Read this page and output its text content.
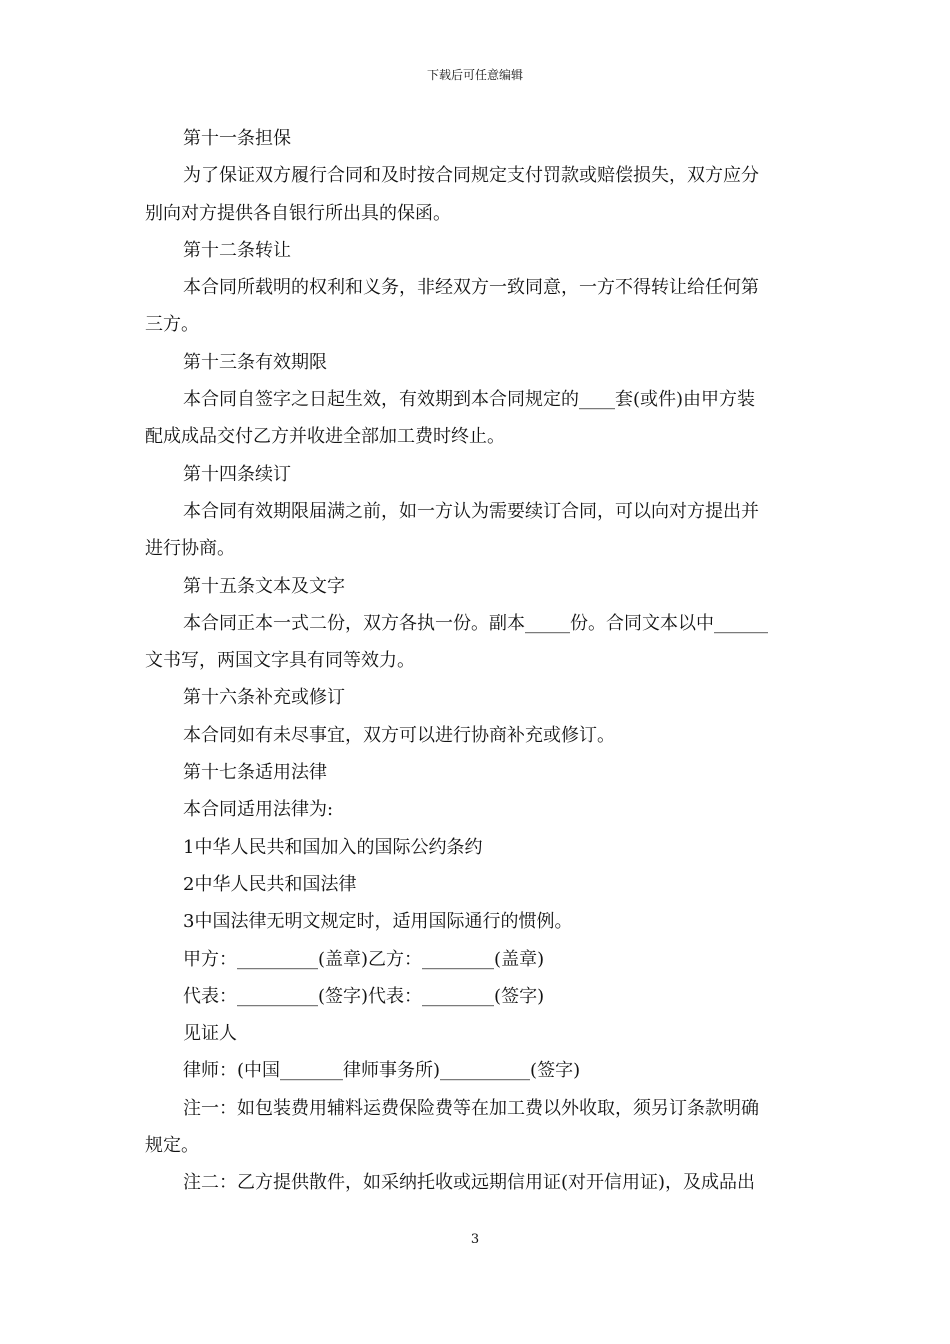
下载后可任意编辑
第十一条担保
为了保证双方履行合同和及时按合同规定支付罚款或赔偿损失，双方应分
别向对方提供各自银行所出具的保函。
第十二条转让
本合同所载明的权利和义务，非经双方一致同意，一方不得转让给任何第
三方。
第十三条有效期限
本合同自签字之日起生效，有效期到本合同规定的____套(或件)由甲方装
配成成品交付乙方并收进全部加工费时终止。
第十四条续订
本合同有效期限届满之前，如一方认为需要续订合同，可以向对方提出并
进行协商。
第十五条文本及文字
本合同正本一式二份，双方各执一份。副本_____份。合同文本以中______
文书写，两国文字具有同等效力。
第十六条补充或修订
本合同如有未尽事宜，双方可以进行协商补充或修订。
第十七条适用法律
本合同适用法律为:
1中华人民共和国加入的国际公约条约
2中华人民共和国法律
3中国法律无明文规定时，适用国际通行的惯例。
甲方：_________(盖章)乙方：________(盖章)
代表：_________(签字)代表：________(签字)
见证人
律师：(中国_______律师事务所)__________(签字)
注一：如包装费用辅料运费保险费等在加工费以外收取，须另订条款明确
规定。
注二：乙方提供散件，如采纳托收或远期信用证(对开信用证)，及成品出
3
